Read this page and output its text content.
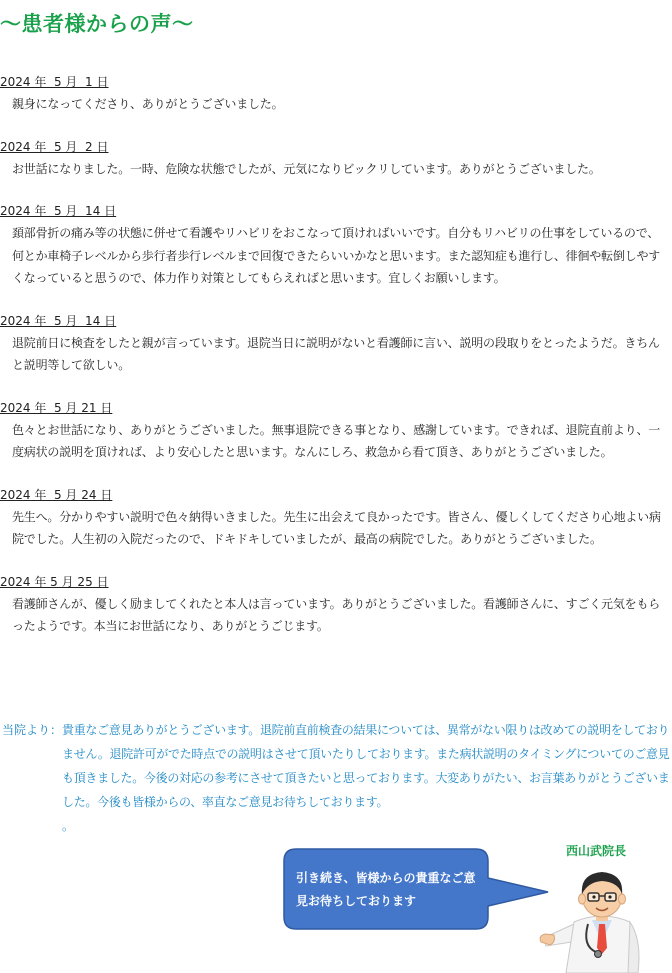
～患者様からの声～
2024 年  5 月  1 日

親身になってくださり、ありがとうございました。

2024 年  5 月  2 日

お世話になりました。一時、危険な状態でしたが、元気になりビックリしています。ありがとうございました。

2024 年  5 月  14 日

頚部骨折の痛み等の状態に併せて看護やリハビリをおこなって頂ければいいです。自分もリハビリの仕事をしているので、何とか車椅子レベルから歩行者歩行レベルまで回復できたらいいかなと思います。また認知症も進行し、徘徊や転倒しやすくなっていると思うので、体力作り対策としてもらえればと思います。宜しくお願いします。

2024 年  5 月  14 日

退院前日に検査をしたと親が言っています。退院当日に説明がないと看護師に言い、説明の段取りをとったようだ。きちんと説明等して欲しい。

2024 年  5 月 21 日

色々とお世話になり、ありがとうございました。無事退院できる事となり、感謝しています。できれば、退院直前より、一度病状の説明を頂ければ、より安心したと思います。なんにしろ、救急から看て頂き、ありがとうございました。

2024 年  5 月 24 日

先生へ。分かりやすい説明で色々納得いきました。先生に出会えて良かったです。皆さん、優しくしてくださり心地よい病院でした。人生初の入院だったので、ドキドキしていましたが、最高の病院でした。ありがとうございました。

2024 年 5 月 25 日

看護師さんが、優しく励ましてくれたと本人は言っています。ありがとうございました。看護師さんに、すごく元気をもらったようです。本当にお世話になり、ありがとうごじます。

当院より： 貴重なご意見ありがとうございます。退院前直前検査の結果については、異常がない限りは改めての説明をしておりません。退院許可がでた時点での説明はさせて頂いたりしております。また病状説明のタイミングについてのご意見も頂きました。今後の対応の参考にさせて頂きたいと思っております。大変ありがたい、お言葉ありがとうございました。今後も皆様からの、率直なご意見お待ちしております。
。
引き続き、皆様からの貴重なご意見お待ちしております
西山武院長
